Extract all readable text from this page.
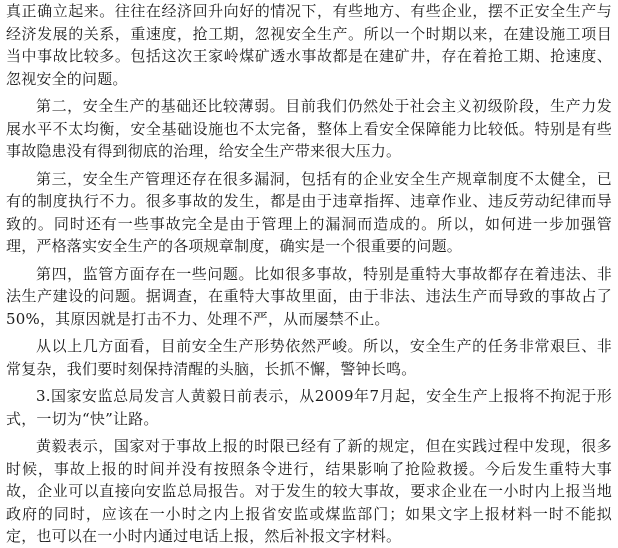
真正确立起来。往往在经济回升向好的情况下，有些地方、有些企业，摆不正安全生产与经济发展的关系，重速度，抢工期，忽视安全生产。所以一个时期以来，在建设施工项目当中事故比较多。包括这次王家岭煤矿透水事故都是在建矿井，存在着抢工期、抢速度、忽视安全的问题。

第二，安全生产的基础还比较薄弱。目前我们仍然处于社会主义初级阶段，生产力发展水平不太均衡，安全基础设施也不太完备，整体上看安全保障能力比较低。特别是有些事故隐患没有得到彻底的治理，给安全生产带来很大压力。

第三，安全生产管理还存在很多漏洞，包括有的企业安全生产规章制度不太健全，已有的制度执行不力。很多事故的发生，都是由于违章指挥、违章作业、违反劳动纪律而导致的。同时还有一些事故完全是由于管理上的漏洞而造成的。所以，如何进一步加强管理，严格落实安全生产的各项规章制度，确实是一个很重要的问题。

第四，监管方面存在一些问题。比如很多事故，特别是重特大事故都存在着违法、非法生产建设的问题。据调查，在重特大事故里面，由于非法、违法生产而导致的事故占了50%，其原因就是打击不力、处理不严，从而屡禁不止。

从以上几方面看，目前安全生产形势依然严峻。所以，安全生产的任务非常艰巨、非常复杂，我们要时刻保持清醒的头脑，长抓不懈，警钟长鸣。

3.国家安监总局发言人黄毅日前表示，从2009年7月起，安全生产上报将不拘泥于形式，一切为“快”让路。

黄毅表示，国家对于事故上报的时限已经有了新的规定，但在实践过程中发现，很多时候，事故上报的时间并没有按照条令进行，结果影响了抢险救援。今后发生重特大事故，企业可以直接向安监总局报告。对于发生的较大事故，要求企业在一小时内上报当地政府的同时，应该在一小时之内上报省安监或煤监部门；如果文字上报材料一时不能拟定，也可以在一小时内通过电话上报，然后补报文字材料。
